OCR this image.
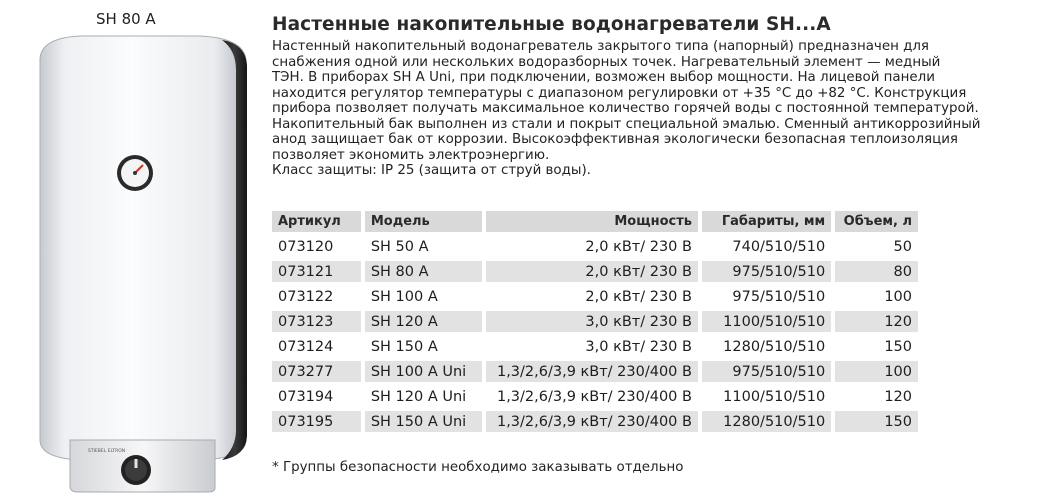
SH 80 A
STIEBEL ELTRON
Настенные накопительные водонагреватели SH...A

Настенный накопительный водонагреватель закрытого типа (напорный) предназначен для
снабжения одной или нескольких водоразборных точек. Нагревательный элемент — медный
ТЭН. В приборах SH A Uni, при подключении, возможен выбор мощности. На лицевой панели
находится регулятор температуры с диапазоном регулировки от +35 °С до +82 °С. Конструкция
прибора позволяет получать максимальное количество горячей воды с постоянной температурой.
Накопительный бак выполнен из стали и покрыт специальной эмалью. Сменный антикоррозийный
анод защищает бак от коррозии. Высокоэффективная экологически безопасная теплоизоляция
позволяет экономить электроэнергию.

Класс защиты: IP 25 (защита от струй воды).

Артикул	Модель	Мощность	Габариты, мм	Объем, л
073120	SH 50 A	2,0 кВт/ 230 В	740/510/510	50
073121	SH 80 A	2,0 кВт/ 230 В	975/510/510	80
073122	SH 100 A	2,0 кВт/ 230 В	975/510/510	100
073123	SH 120 A	3,0 кВт/ 230 В	1100/510/510	120
073124	SH 150 A	3,0 кВт/ 230 В	1280/510/510	150
073277	SH 100 A Uni	1,3/2,6/3,9 кВт/ 230/400 В	975/510/510	100
073194	SH 120 A Uni	1,3/2,6/3,9 кВт/ 230/400 В	1100/510/510	120
073195	SH 150 A Uni	1,3/2,6/3,9 кВт/ 230/400 В	1280/510/510	150
* Группы безопасности необходимо заказывать отдельно
